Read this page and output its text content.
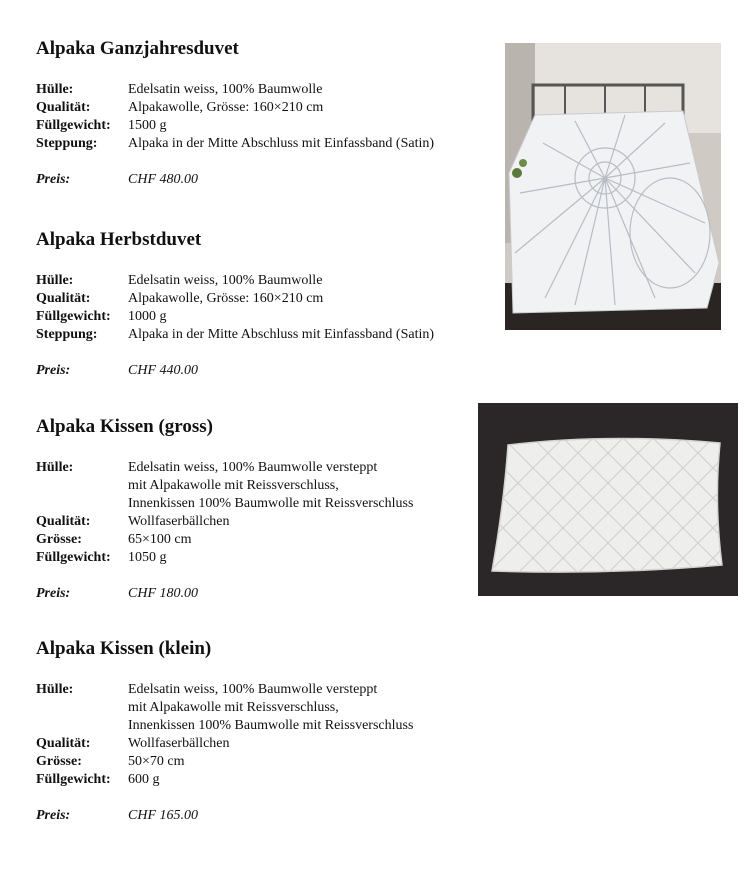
Alpaka Ganzjahresduvet
Hülle:	Edelsatin weiss, 100% Baumwolle
Qualität:	Alpakawolle, Grösse: 160×210 cm
Füllgewicht:	1500 g
Steppung:	Alpaka in der Mitte Abschluss mit Einfassband (Satin)
Preis:	CHF 480.00
Alpaka Herbstduvet
Hülle:	Edelsatin weiss, 100% Baumwolle
Qualität:	Alpakawolle, Grösse: 160×210 cm
Füllgewicht:	1000 g
Steppung:	Alpaka in der Mitte Abschluss mit Einfassband (Satin)
Preis:	CHF 440.00
Alpaka Kissen (gross)
Hülle:	Edelsatin weiss, 100% Baumwolle versteppt
mit Alpakawolle mit Reissverschluss,
Innenkissen 100% Baumwolle mit Reissverschluss
Qualität:	Wollfaserbällchen
Grösse:	65×100 cm
Füllgewicht:	1050 g
Preis:	CHF 180.00
Alpaka Kissen (klein)
Hülle:	Edelsatin weiss, 100% Baumwolle versteppt
mit Alpakawolle mit Reissverschluss,
Innenkissen 100% Baumwolle mit Reissverschluss
Qualität:	Wollfaserbällchen
Grösse:	50×70 cm
Füllgewicht:	600 g
Preis:	CHF 165.00
